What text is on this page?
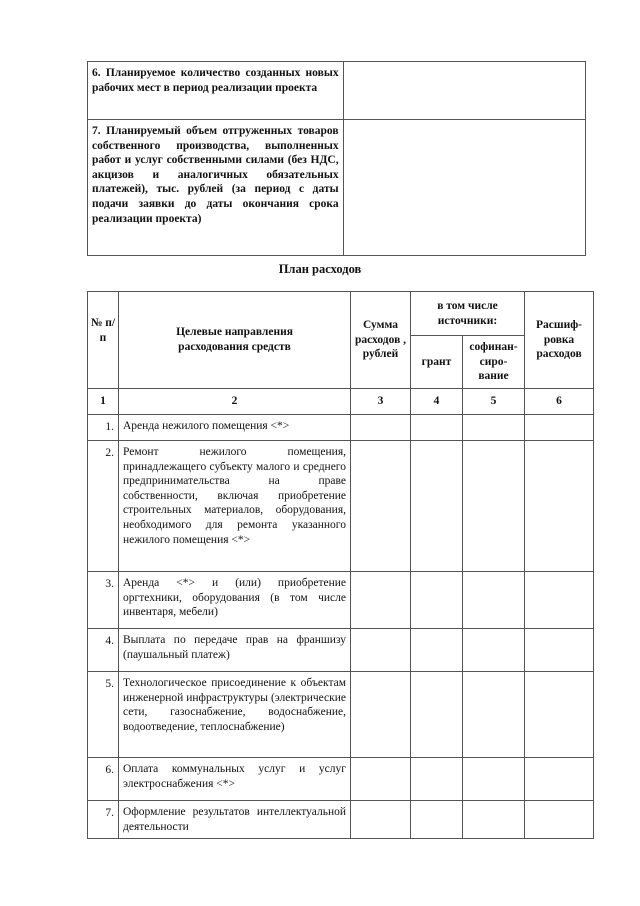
6. Планируемое количество созданных новых рабочих мест в период реализации проекта	
7. Планируемый объем отгруженных товаров собственного производства, выполненных работ и услуг собственными силами (без НДС, акцизов и аналогичных обязательных платежей), тыс. рублей (за период с даты подачи заявки до даты окончания срока реализации проекта)	
План расходов
№ п/п	Целевые направления расходования средств	Сумма расходов , рублей	в том числе источники:		Расшиф-ровка расходов
			грант	софинан-сиро-вание	
1	2	3	4	5	6
1.	Аренда нежилого помещения <*>				
2.	Ремонт нежилого помещения, принадлежащего субъекту малого и среднего предпринимательства на праве собственности, включая приобретение строительных материалов, оборудования, необходимого для ремонта указанного нежилого помещения <*>				
3.	Аренда <*> и (или) приобретение оргтехники, оборудования (в том числе инвентаря, мебели)				
4.	Выплата по передаче прав на франшизу (паушальный платеж)				
5.	Технологическое присоединение к объектам инженерной инфраструктуры (электрические сети, газоснабжение, водоснабжение, водоотведение, теплоснабжение)				
6.	Оплата коммунальных услуг и услуг электроснабжения <*>				
7.	Оформление результатов интеллектуальной деятельности				
